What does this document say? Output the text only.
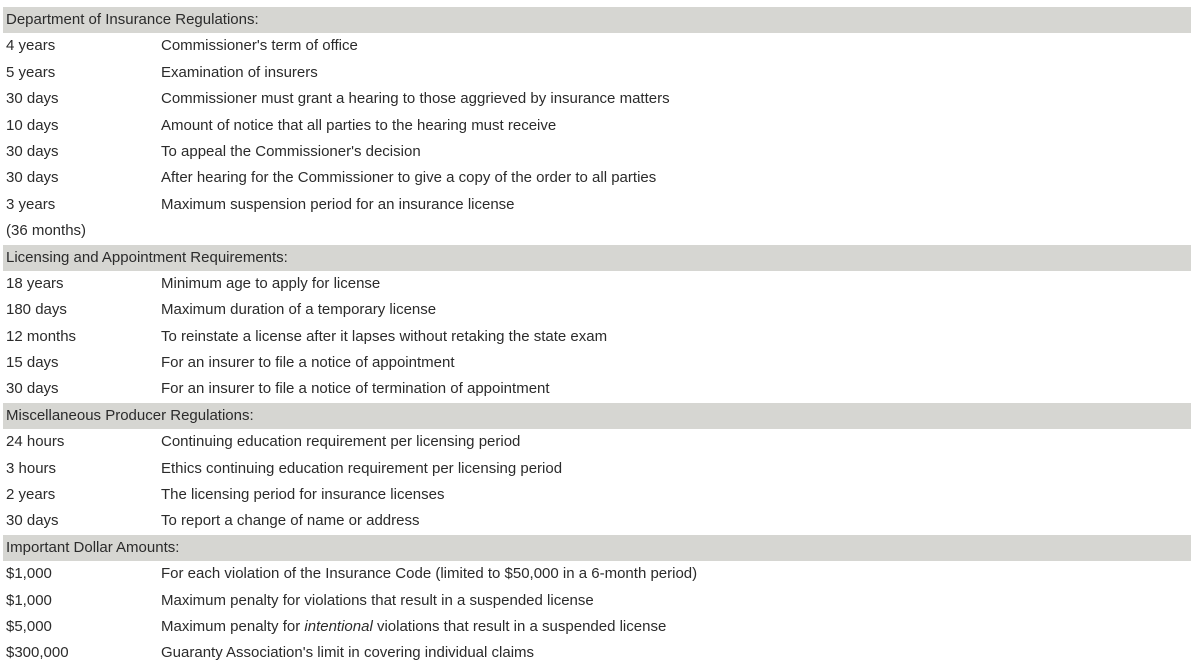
Department of Insurance Regulations:
4 years	Commissioner's term of office
5 years	Examination of insurers
30 days	Commissioner must grant a hearing to those aggrieved by insurance matters
10 days	Amount of notice that all parties to the hearing must receive
30 days	To appeal the Commissioner's decision
30 days	After hearing for the Commissioner to give a copy of the order to all parties
3 years	Maximum suspension period for an insurance license
(36 months)
Licensing and Appointment Requirements:
18 years	Minimum age to apply for license
180 days	Maximum duration of a temporary license
12 months	To reinstate a license after it lapses without retaking the state exam
15 days	For an insurer to file a notice of appointment
30 days	For an insurer to file a notice of termination of appointment
Miscellaneous Producer Regulations:
24 hours	Continuing education requirement per licensing period
3 hours	Ethics continuing education requirement per licensing period
2 years	The licensing period for insurance licenses
30 days	To report a change of name or address
Important Dollar Amounts:
$1,000	For each violation of the Insurance Code (limited to $50,000 in a 6-month period)
$1,000	Maximum penalty for violations that result in a suspended license
$5,000	Maximum penalty for intentional violations that result in a suspended license
$300,000	Guaranty Association's limit in covering individual claims
